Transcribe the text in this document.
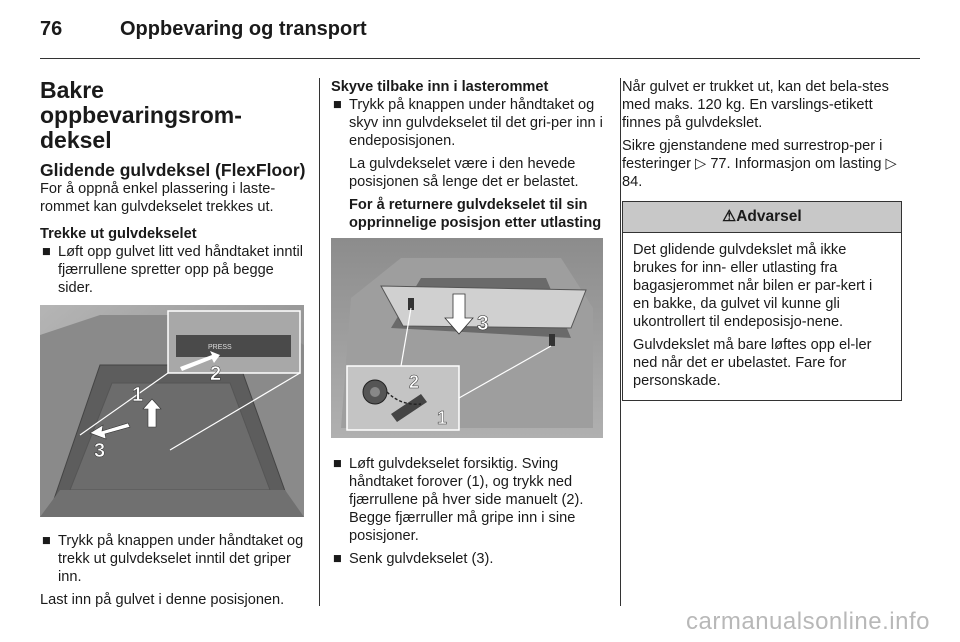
76	Oppbevaring og transport
Bakre oppbevaringsrom-
deksel
Glidende gulvdeksel (FlexFloor)

For å oppnå enkel plassering i laste-
rommet kan gulvdekselet trekkes ut.

Trekke ut gulvdekselet

■ Løft opp gulvet litt ved håndtaket inntil fjærrullene spretter opp på begge sider.
PRESS
2
1
3
■ Trykk på knappen under håndtaket og trekk ut gulvdekselet inntil det griper inn.

Last inn på gulvet i denne posisjonen.

Skyve tilbake inn i lasterommet

■ Trykk på knappen under håndtaket og skyv inn gulvdekselet til det gri-per inn i endeposisjonen.

La gulvdekselet være i den hevede posisjonen så lenge det er belastet.

For å returnere gulvdekselet til sin opprinnelige posisjon etter utlasting

3
2
1
■ Løft gulvdekselet forsiktig. Sving håndtaket forover (1), og trykk ned fjærrullene på hver side manuelt (2). Begge fjærruller må gripe inn i sine posisjoner.
■ Senk gulvdekselet (3).

Når gulvet er trukket ut, kan det bela-stes med maks. 120 kg. En varslings-etikett finnes på gulvdekslet.

Sikre gjenstandene med surrestrop-per i festeringer ▷ 77. Informasjon om lasting ▷ 84.

⚠Advarsel

Det glidende gulvdekslet må ikke brukes for inn- eller utlasting fra bagasjerommet når bilen er par-kert i en bakke, da gulvet vil kunne gli ukontrollert til endeposisjo-nene.

Gulvdekslet må bare løftes opp el-ler ned når det er ubelastet. Fare for personskade.

carmanualsonline.info
